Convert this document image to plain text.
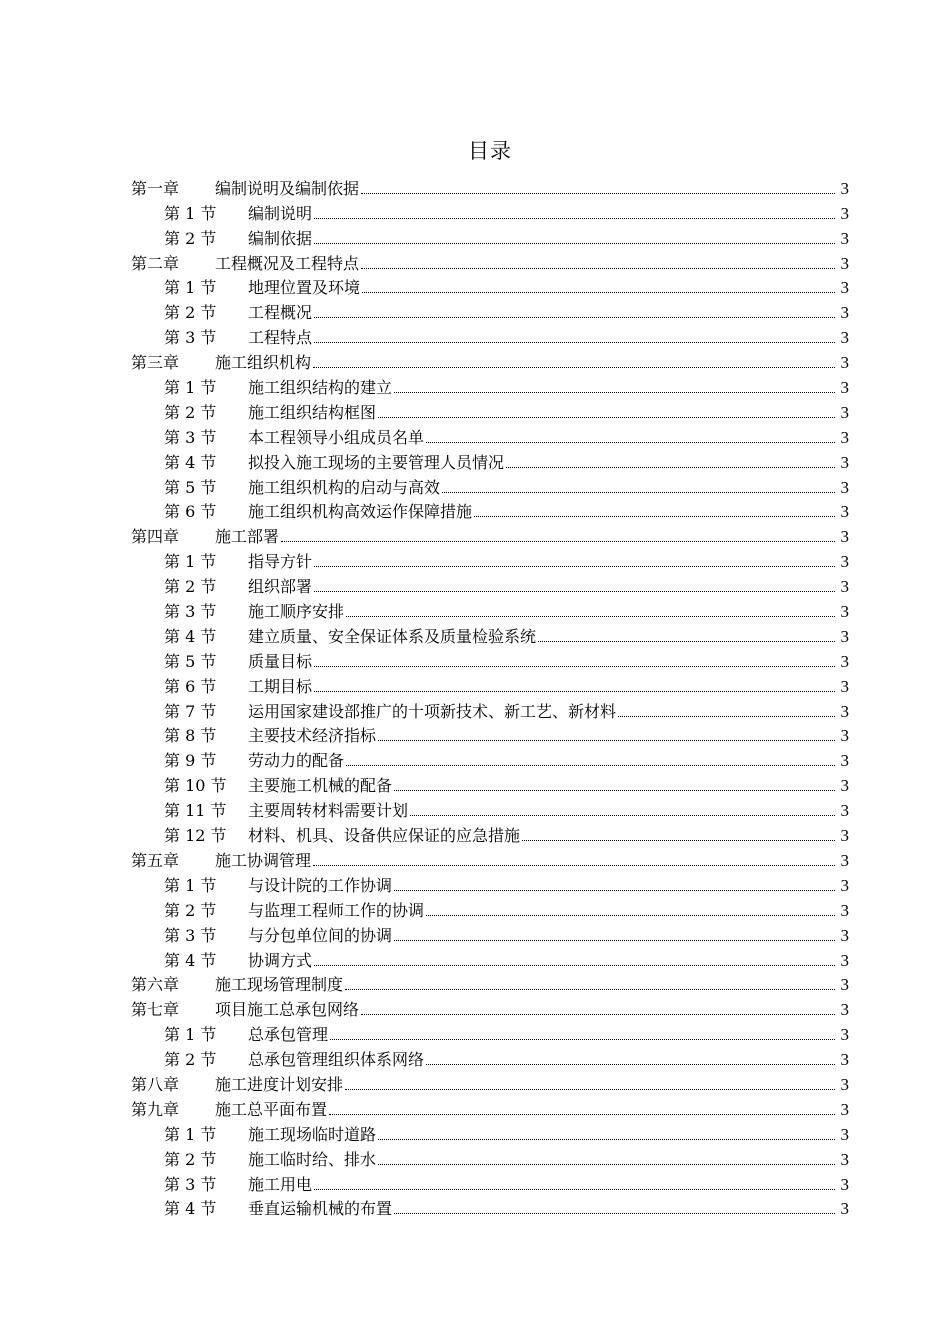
目录
第一章	编制说明及编制依据	3
第 1 节	编制说明	3
第 2 节	编制依据	3
第二章	工程概况及工程特点	3
第 1 节	地理位置及环境	3
第 2 节	工程概况	3
第 3 节	工程特点	3
第三章	施工组织机构	3
第 1 节	施工组织结构的建立	3
第 2 节	施工组织结构框图	3
第 3 节	本工程领导小组成员名单	3
第 4 节	拟投入施工现场的主要管理人员情况	3
第 5 节	施工组织机构的启动与高效	3
第 6 节	施工组织机构高效运作保障措施	3
第四章	施工部署	3
第 1 节	指导方针	3
第 2 节	组织部署	3
第 3 节	施工顺序安排	3
第 4 节	建立质量、安全保证体系及质量检验系统	3
第 5 节	质量目标	3
第 6 节	工期目标	3
第 7 节	运用国家建设部推广的十项新技术、新工艺、新材料	3
第 8 节	主要技术经济指标	3
第 9 节	劳动力的配备	3
第 10 节	主要施工机械的配备	3
第 11 节	主要周转材料需要计划	3
第 12 节	材料、机具、设备供应保证的应急措施	3
第五章	施工协调管理	3
第 1 节	与设计院的工作协调	3
第 2 节	与监理工程师工作的协调	3
第 3 节	与分包单位间的协调	3
第 4 节	协调方式	3
第六章	施工现场管理制度	3
第七章	项目施工总承包网络	3
第 1 节	总承包管理	3
第 2 节	总承包管理组织体系网络	3
第八章	施工进度计划安排	3
第九章	施工总平面布置	3
第 1 节	施工现场临时道路	3
第 2 节	施工临时给、排水	3
第 3 节	施工用电	3
第 4 节	垂直运输机械的布置	3
